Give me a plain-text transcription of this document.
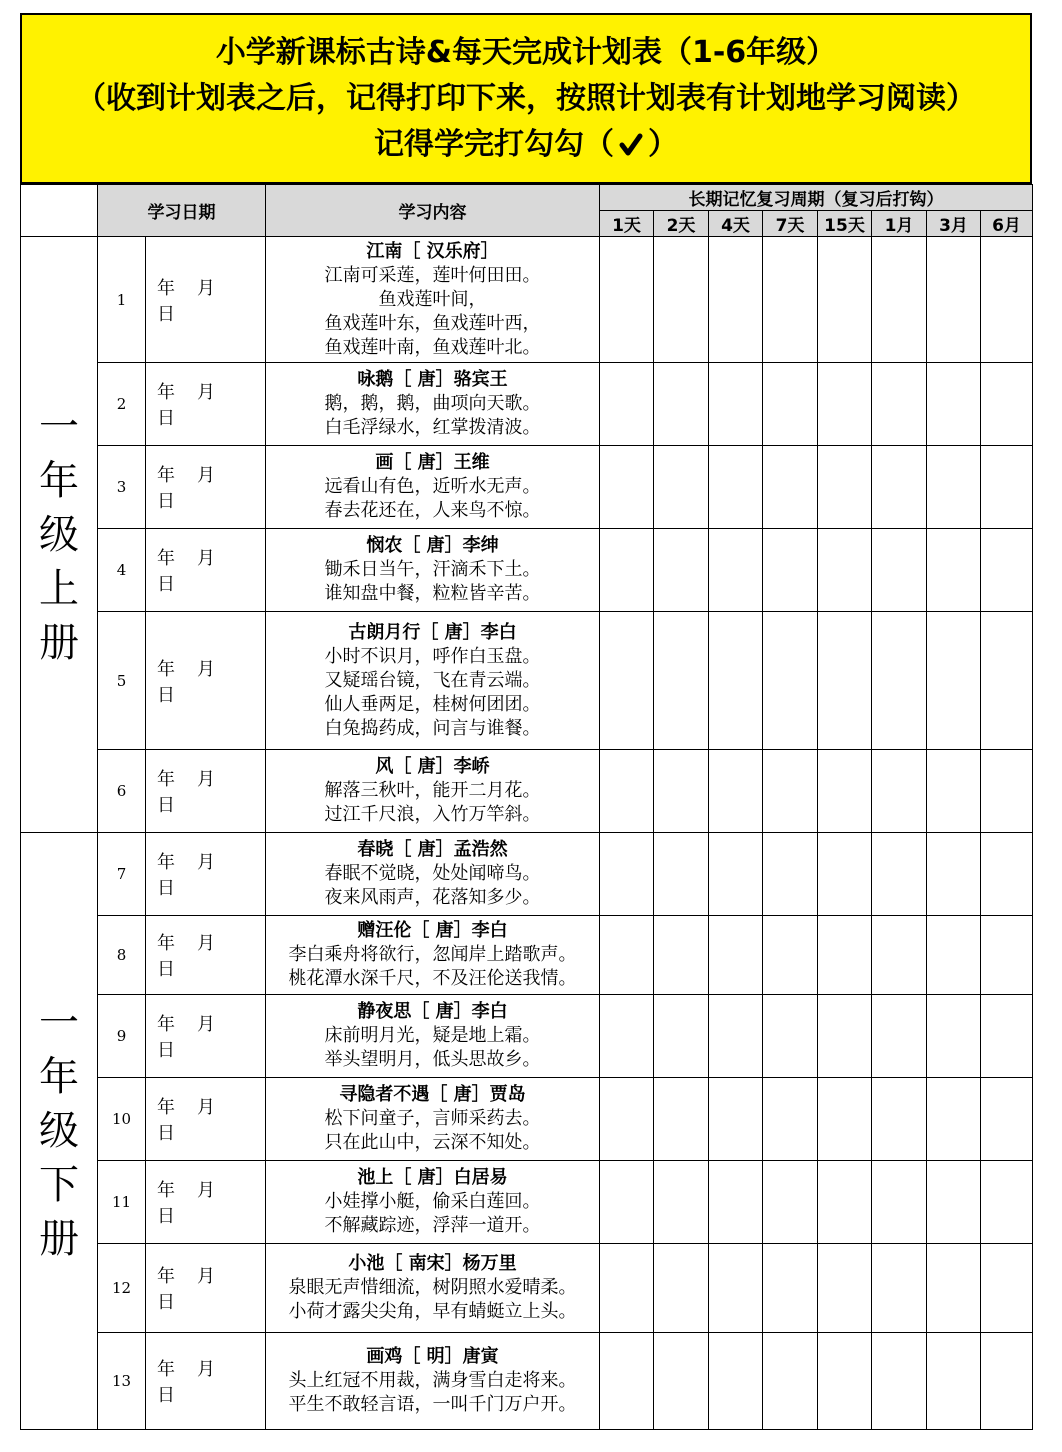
小学新课标古诗&每天完成计划表（1-6年级）
（收到计划表之后，记得打印下来，按照计划表有计划地学习阅读）
记得学完打勾勾（ ）
	学习日期		学习内容	长期记忆复习周期（复习后打钩）							
				1天	2天	4天	7天	15天	1月	3月	6月

一
年
级
上
册	1	年 月日	江南［ 汉乐府］
江南可采莲，莲叶何田田。
鱼戏莲叶间，
鱼戏莲叶东，鱼戏莲叶西，
鱼戏莲叶南，鱼戏莲叶北。								

	2	年 月日	咏鹅［ 唐］骆宾王
鹅，鹅，鹅，曲项向天歌。
白毛浮绿水，红掌拨清波。								

	3	年 月日	画［ 唐］王维
远看山有色，近听水无声。
春去花还在，人来鸟不惊。								

	4	年 月日	悯农［ 唐］李绅
锄禾日当午，汗滴禾下土。
谁知盘中餐，粒粒皆辛苦。								

	5	年 月日	古朗月行［ 唐］李白
小时不识月，呼作白玉盘。
又疑瑶台镜，飞在青云端。
仙人垂两足，桂树何团团。
白兔捣药成，问言与谁餐。								

	6	年 月日	风［ 唐］李峤
解落三秋叶，能开二月花。
过江千尺浪，入竹万竿斜。								

一
年
级
下
册	7	年 月日	春晓［ 唐］孟浩然
春眠不觉晓，处处闻啼鸟。
夜来风雨声，花落知多少。								

	8	年 月日	赠汪伦［ 唐］李白
李白乘舟将欲行，忽闻岸上踏歌声。
桃花潭水深千尺，不及汪伦送我情。								

	9	年 月日	静夜思［ 唐］李白
床前明月光，疑是地上霜。
举头望明月，低头思故乡。								

	10	年 月日	寻隐者不遇［ 唐］贾岛
松下问童子，言师采药去。
只在此山中，云深不知处。								

	11	年 月日	池上［ 唐］白居易
小娃撑小艇，偷采白莲回。
不解藏踪迹，浮萍一道开。								

	12	年 月日	小池［ 南宋］杨万里
泉眼无声惜细流，树阴照水爱晴柔。
小荷才露尖尖角，早有蜻蜓立上头。								

	13	年 月日	画鸡［ 明］唐寅
头上红冠不用裁，满身雪白走将来。
平生不敢轻言语，一叫千门万户开。								
